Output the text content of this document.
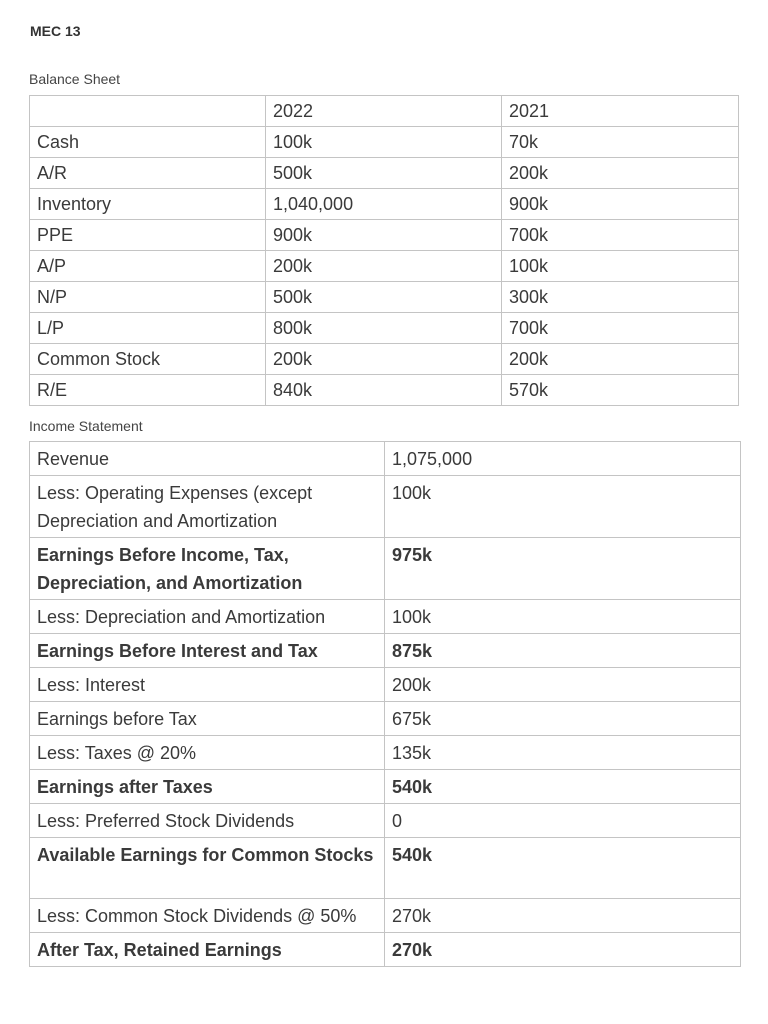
MEC 13
Balance Sheet
	2022	2021
Cash	100k	70k
A/R	500k	200k
Inventory	1,040,000	900k
PPE	900k	700k
A/P	200k	100k
N/P	500k	300k
L/P	800k	700k
Common Stock	200k	200k
R/E	840k	570k
Income Statement
Revenue	1,075,000
Less: Operating Expenses (except Depreciation and Amortization	100k
Earnings Before Income, Tax, Depreciation, and Amortization	975k
Less: Depreciation and Amortization	100k
Earnings Before Interest and Tax	875k
Less: Interest	200k
Earnings before Tax	675k
Less: Taxes @ 20%	135k
Earnings after Taxes	540k
Less: Preferred Stock Dividends	0
Available Earnings for Common Stocks	540k
Less: Common Stock Dividends @ 50%	270k
After Tax, Retained Earnings	270k
